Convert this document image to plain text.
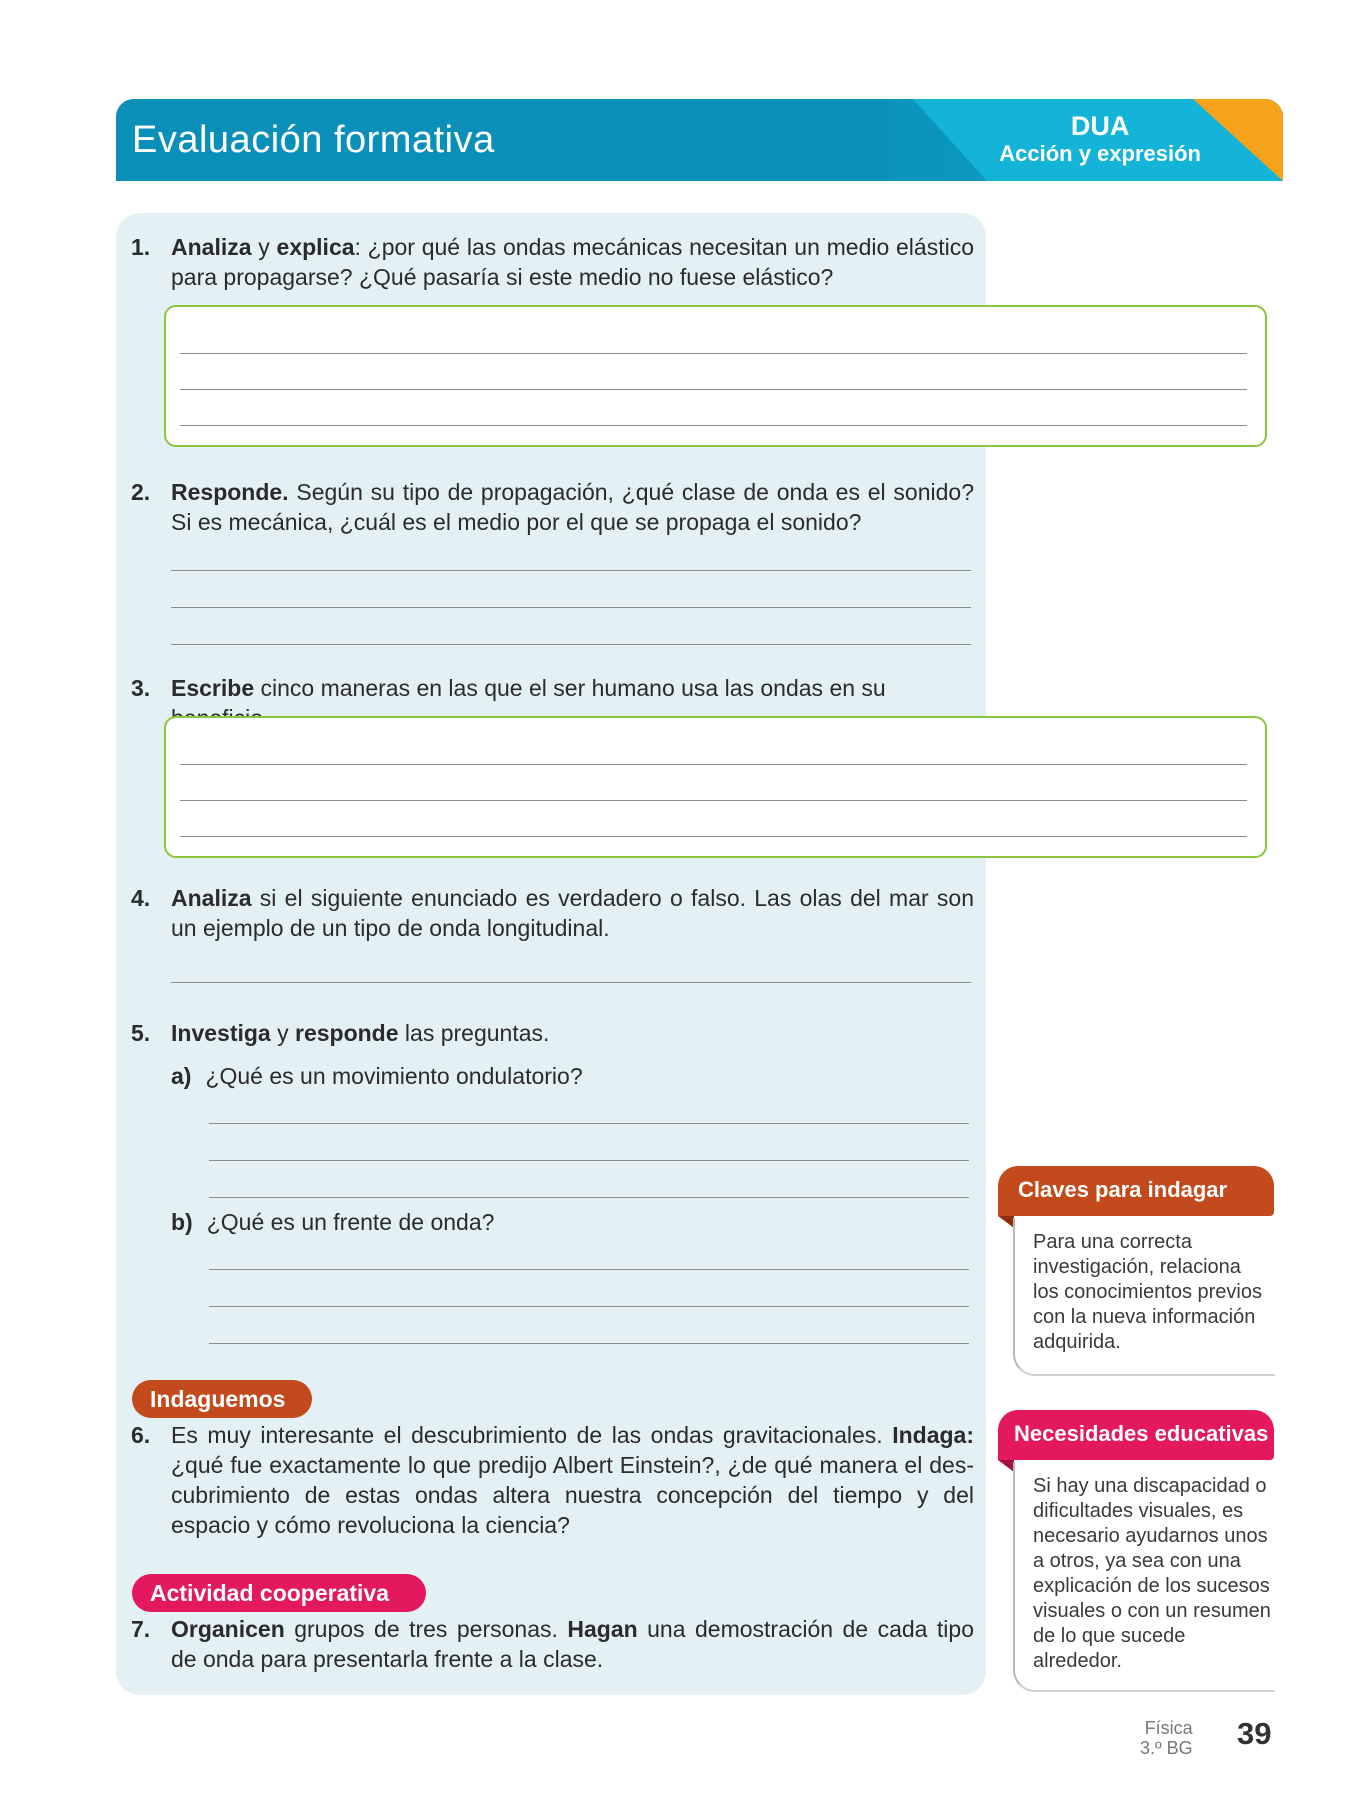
Evaluación formativa	DUA
Acción y expresión
1. Analiza y explica: ¿por qué las ondas mecánicas necesitan un medio elástico para propagarse? ¿Qué pasaría si este medio no fuese elástico?
2. Responde. Según su tipo de propagación, ¿qué clase de onda es el sonido? Si es mecánica, ¿cuál es el medio por el que se propaga el sonido?
3. Escribe cinco maneras en las que el ser humano usa las ondas en su
4. Analiza si el siguiente enunciado es verdadero o falso. Las olas del mar son un ejemplo de un tipo de onda longitudinal.
5. Investiga y responde las preguntas.
a) ¿Qué es un movimiento ondulatorio?
b) ¿Qué es un frente de onda?
Indaguemos
6. Es muy interesante el descubrimiento de las ondas gravitacionales. Indaga: ¿qué fue exactamente lo que predijo Albert Einstein?, ¿de qué manera el des-cubrimiento de estas ondas altera nuestra concepción del tiempo y del espacio y cómo revoluciona la ciencia?
Actividad cooperativa
7. Organicen grupos de tres personas. Hagan una demostración de cada tipo de onda para presentarla frente a la clase.
Claves para indagar
Para una correcta investigación, relaciona los conocimientos previos con la nueva información adquirida.
Necesidades educativas
Si hay una discapacidad o dificultades visuales, es necesario ayudarnos unos a otros, ya sea con una explicación de los sucesos visuales o con un resumen de lo que sucede alrededor.
Física
3.º BG 39
